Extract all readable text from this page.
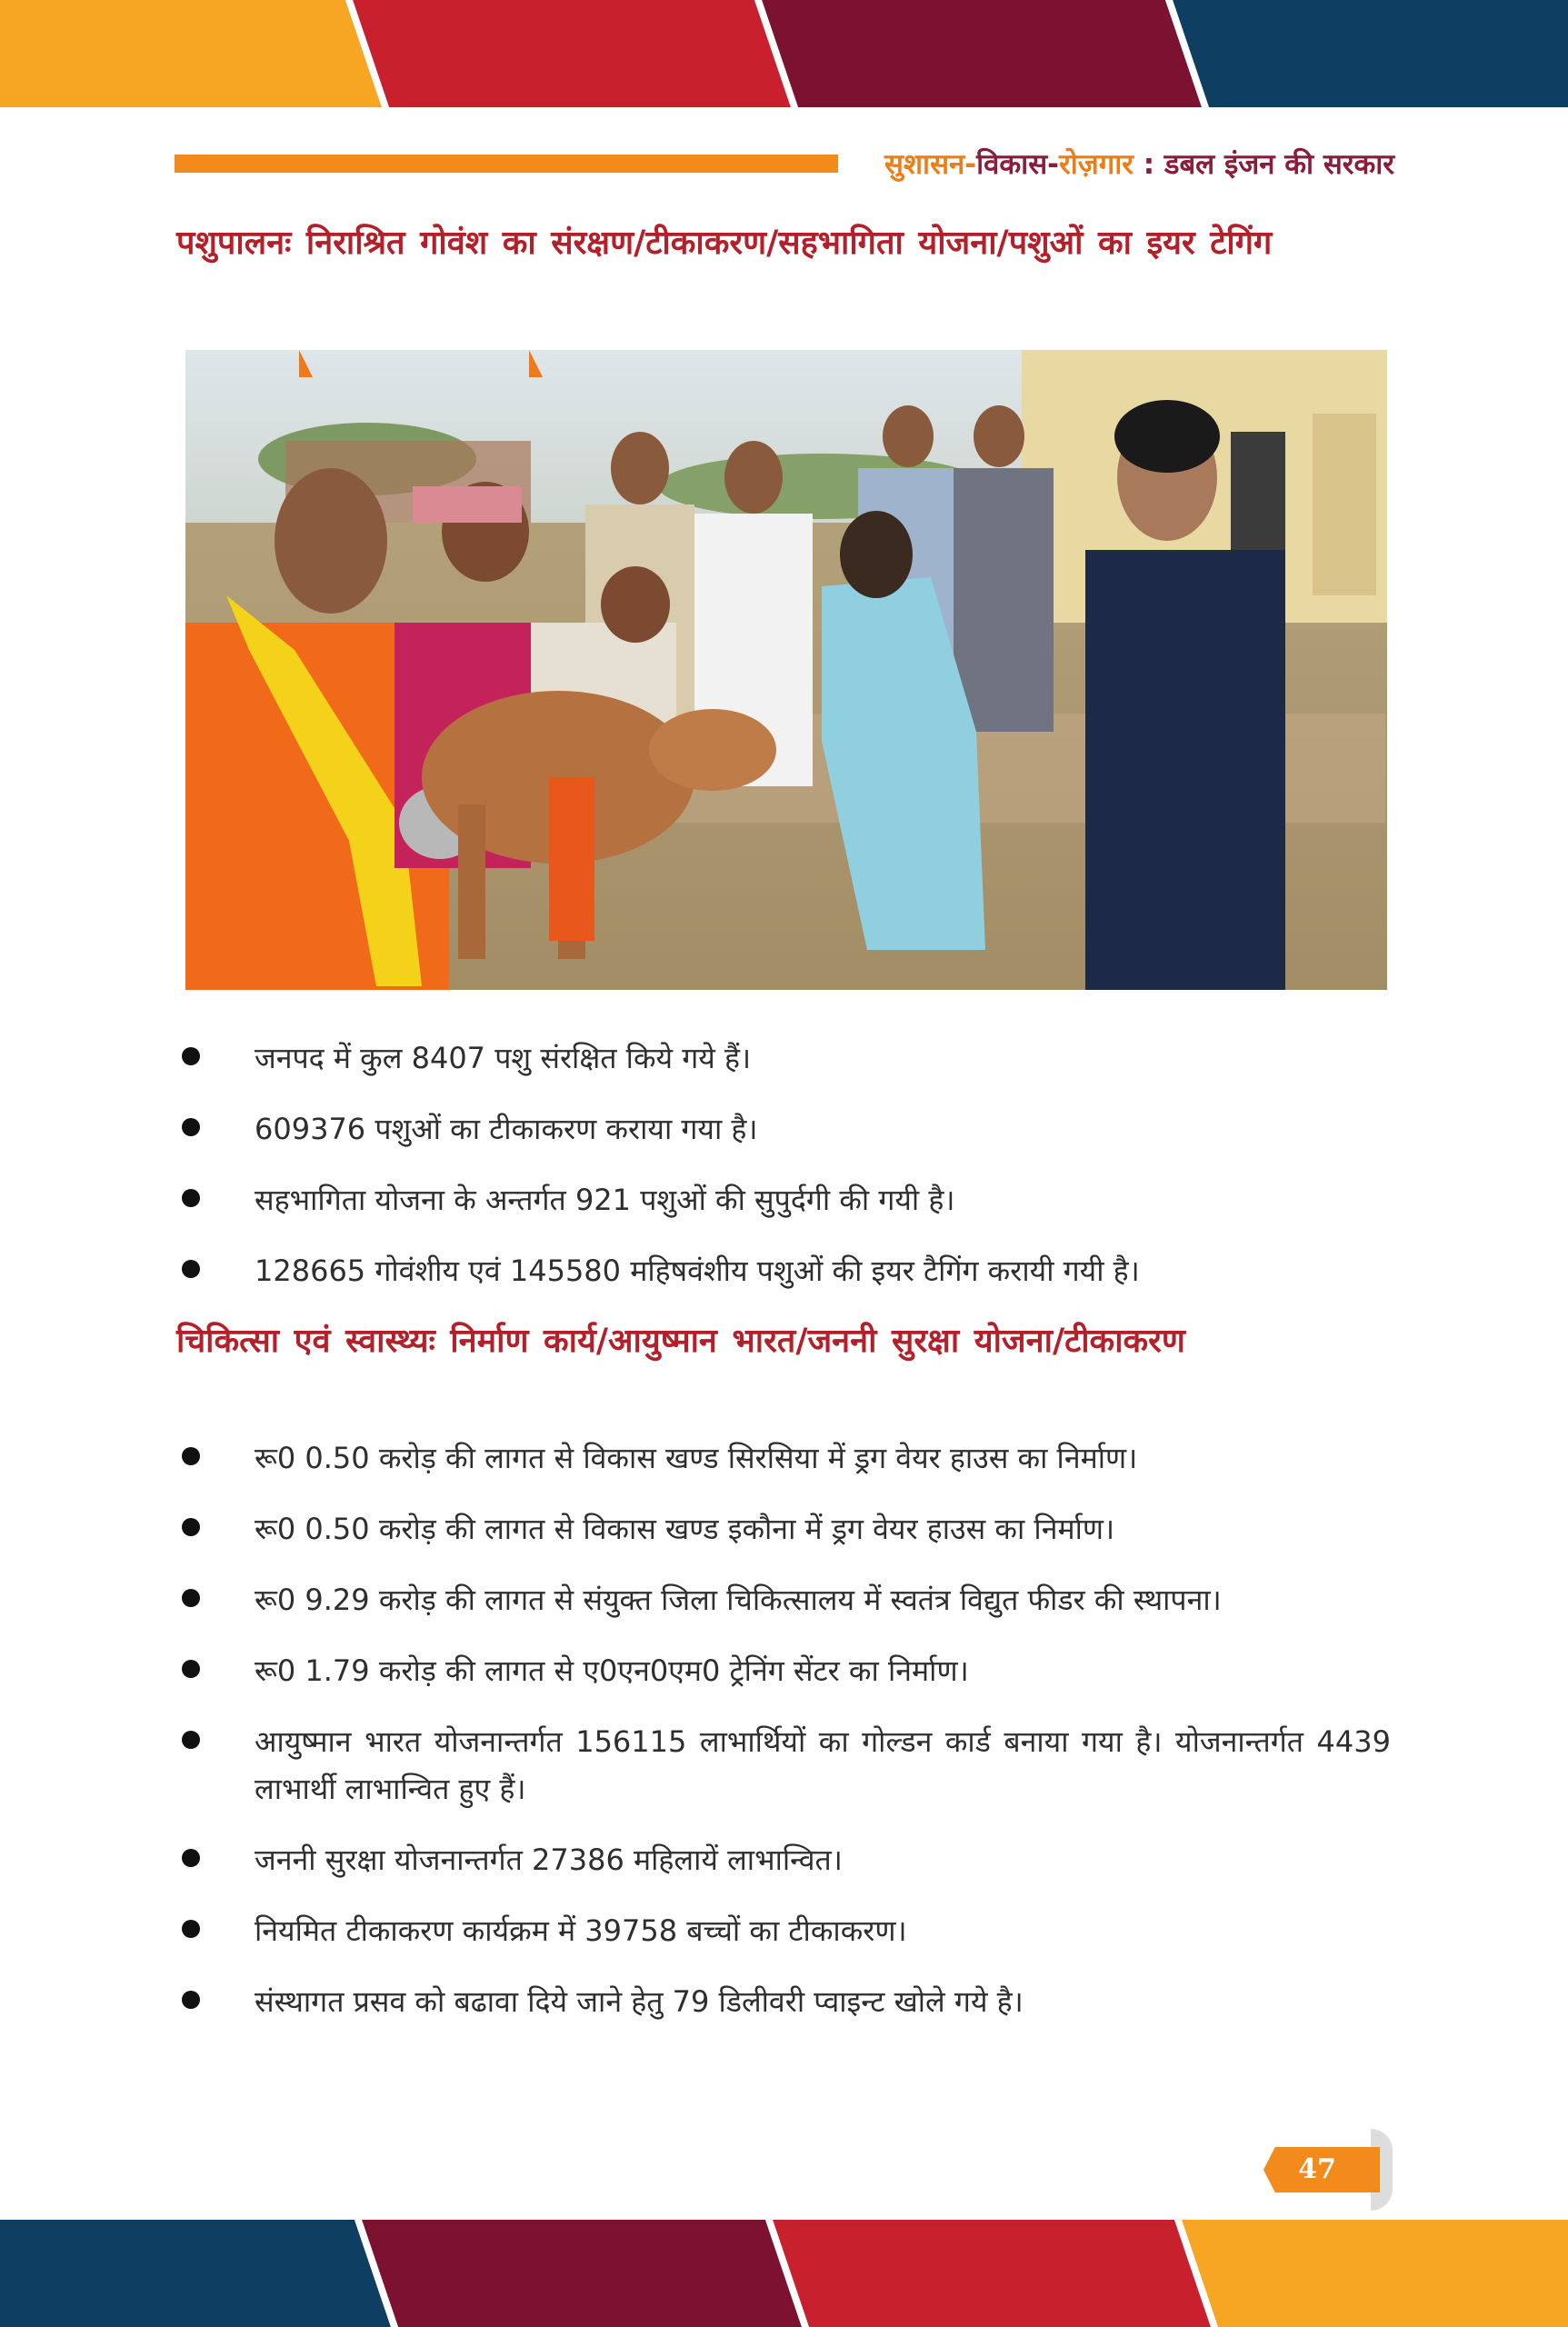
सुशासन-विकास-रोज़गार : डबल इंजन की सरकार
पशुपालनः निराश्रित गोवंश का संरक्षण/टीकाकरण/सहभागिता योजना/पशुओं का इयर टेगिंग
जनपद में कुल 8407 पशु संरक्षित किये गये हैं।
609376 पशुओं का टीकाकरण कराया गया है।
सहभागिता योजना के अन्तर्गत 921 पशुओं की सुपुर्दगी की गयी है।
128665 गोवंशीय एवं 145580 महिषवंशीय पशुओं की इयर टैगिंग करायी गयी है।
चिकित्सा एवं स्वास्थ्यः निर्माण कार्य/आयुष्मान भारत/जननी सुरक्षा योजना/टीकाकरण
रू0 0.50 करोड़ की लागत से विकास खण्ड सिरसिया में ड्रग वेयर हाउस का निर्माण।
रू0 0.50 करोड़ की लागत से विकास खण्ड इकौना में ड्रग वेयर हाउस का निर्माण।
रू0 9.29 करोड़ की लागत से संयुक्त जिला चिकित्सालय में स्वतंत्र विद्युत फीडर की स्थापना।
रू0 1.79 करोड़ की लागत से ए0एन0एम0 ट्रेनिंग सेंटर का निर्माण।
आयुष्मान भारत योजनान्तर्गत 156115 लाभार्थियों का गोल्डन कार्ड बनाया गया है। योजनान्तर्गत 4439 लाभार्थी लाभान्वित हुए हैं।
जननी सुरक्षा योजनान्तर्गत 27386 महिलायें लाभान्वित।
नियमित टीकाकरण कार्यक्रम में 39758 बच्चों का टीकाकरण।
संस्थागत प्रसव को बढावा दिये जाने हेतु 79 डिलीवरी प्वाइन्ट खोले गये है।
47
